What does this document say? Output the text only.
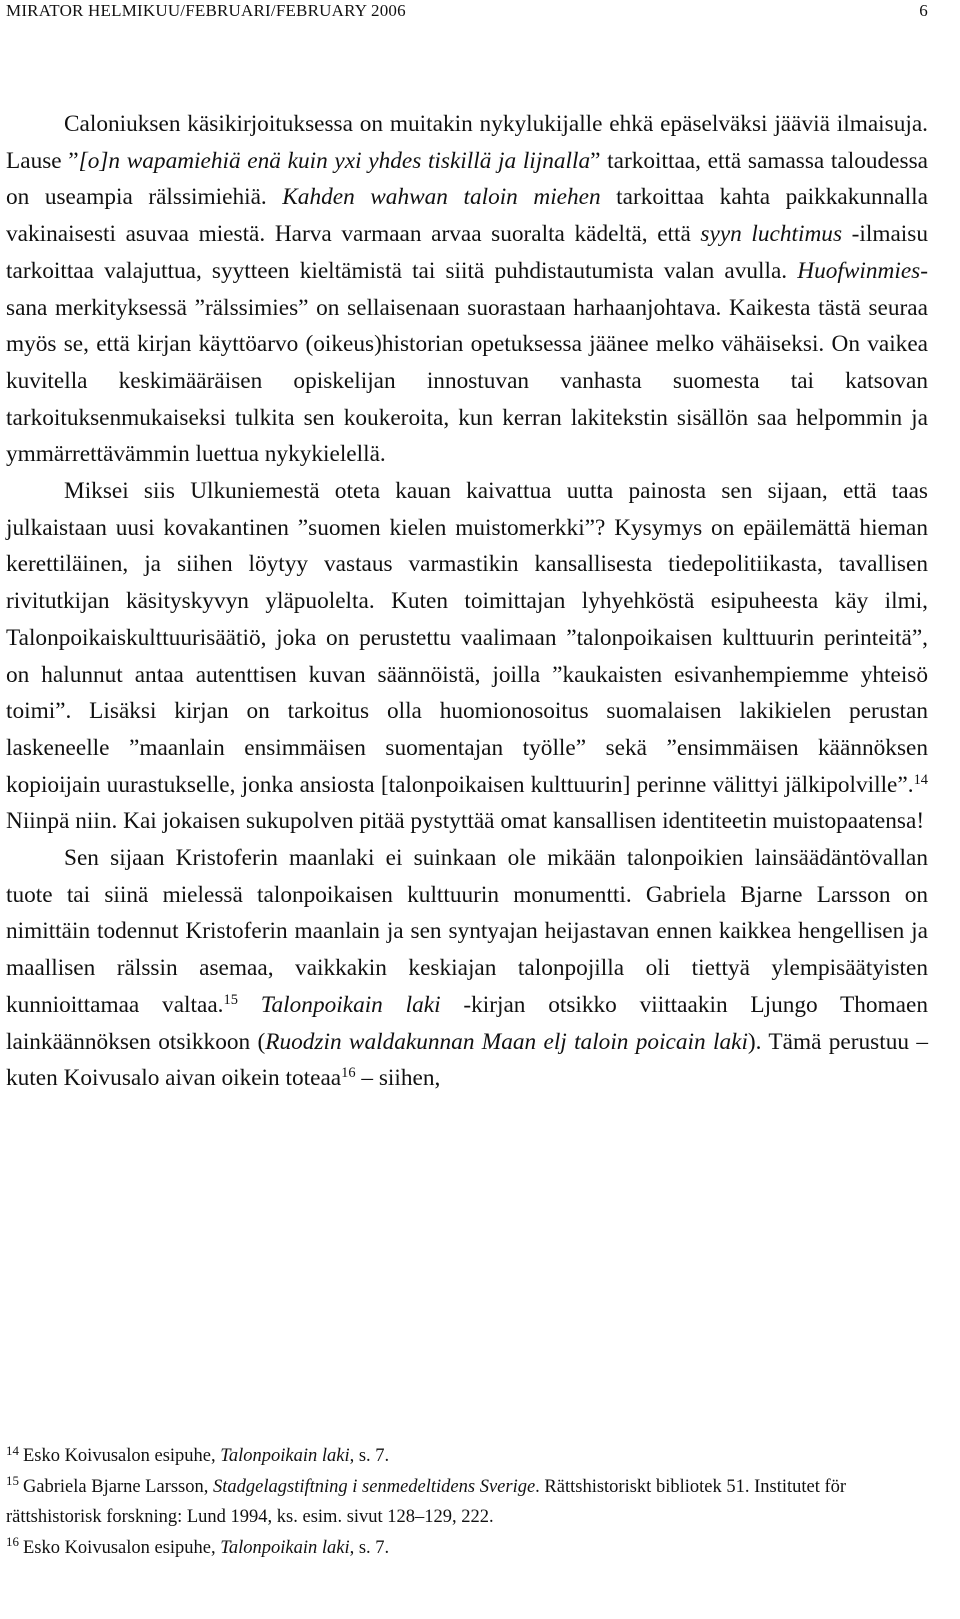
MIRATOR HELMIKUU/FEBRUARI/FEBRUARY 2006	6

Caloniuksen käsikirjoituksessa on muitakin nykylukijalle ehkä epäselväksi jääviä ilmaisuja. Lause ”[o]n wapamiehiä enä kuin yxi yhdes tiskillä ja lijnalla” tarkoittaa, että samassa taloudessa on useampia rälssimiehiä. Kahden wahwan taloin miehen tarkoittaa kahta paikkakunnalla vakinaisesti asuvaa miestä. Harva varmaan arvaa suoralta kädeltä, että syyn luchtimus -ilmaisu tarkoittaa valajuttua, syytteen kieltämistä tai siitä puhdistautumista valan avulla. Huofwinmies-sana merkityksessä ”rälssimies” on sellaisenaan suorastaan harhaanjohtava. Kaikesta tästä seuraa myös se, että kirjan käyttöarvo (oikeus)historian opetuksessa jäänee melko vähäiseksi. On vaikea kuvitella keskimääräisen opiskelijan innostuvan vanhasta suomesta tai katsovan tarkoituksenmukaiseksi tulkita sen koukeroita, kun kerran lakitekstin sisällön saa helpommin ja ymmärrettävämmin luettua nykykielellä.

Miksei siis Ulkuniemestä oteta kauan kaivattua uutta painosta sen sijaan, että taas julkaistaan uusi kovakantinen ”suomen kielen muistomerkki”? Kysymys on epäilemättä hieman kerettiläinen, ja siihen löytyy vastaus varmastikin kansallisesta tiedepolitiikasta, tavallisen rivitutkijan käsityskyvyn yläpuolelta. Kuten toimittajan lyhyehköstä esipuheesta käy ilmi, Talonpoikaiskulttuurisäätiö, joka on perustettu vaalimaan ”talonpoikaisen kulttuurin perinteitä”, on halunnut antaa autenttisen kuvan säännöistä, joilla ”kaukaisten esivanhempiemme yhteisö toimi”. Lisäksi kirjan on tarkoitus olla huomionosoitus suomalaisen lakikielen perustan laskeneelle ”maanlain ensimmäisen suomentajan työlle” sekä ”ensimmäisen käännöksen kopioijain uurastukselle, jonka ansiosta [talonpoikaisen kulttuurin] perinne välittyi jälkipolville”.$^{14}$ Niinpä niin. Kai jokaisen sukupolven pitää pystyttää omat kansallisen identiteetin muistopaatensa!

Sen sijaan Kristoferin maanlaki ei suinkaan ole mikään talonpoikien lainsäädäntövallan tuote tai siinä mielessä talonpoikaisen kulttuurin monumentti. Gabriela Bjarne Larsson on nimittäin todennut Kristoferin maanlain ja sen syntyajan heijastavan ennen kaikkea hengellisen ja maallisen rälssin asemaa, vaikkakin keskiajan talonpojilla oli tiettyä ylempisäätyisten kunnioittamaa valtaa.$^{15}$ Talonpoikain laki -kirjan otsikko viittaakin Ljungo Thomaen lainkäännöksen otsikkoon (Ruodzin waldakunnan Maan elj taloin poicain laki). Tämä perustuu – kuten Koivusalo aivan oikein toteaa$^{16}$ – siihen,

$^{14}$ Esko Koivusalon esipuhe, Talonpoikain laki, s. 7.

$^{15}$ Gabriela Bjarne Larsson, Stadgelagstiftning i senmedeltidens Sverige. Rättshistoriskt bibliotek 51. Institutet för rättshistorisk forskning: Lund 1994, ks. esim. sivut 128–129, 222.

$^{16}$ Esko Koivusalon esipuhe, Talonpoikain laki, s. 7.
